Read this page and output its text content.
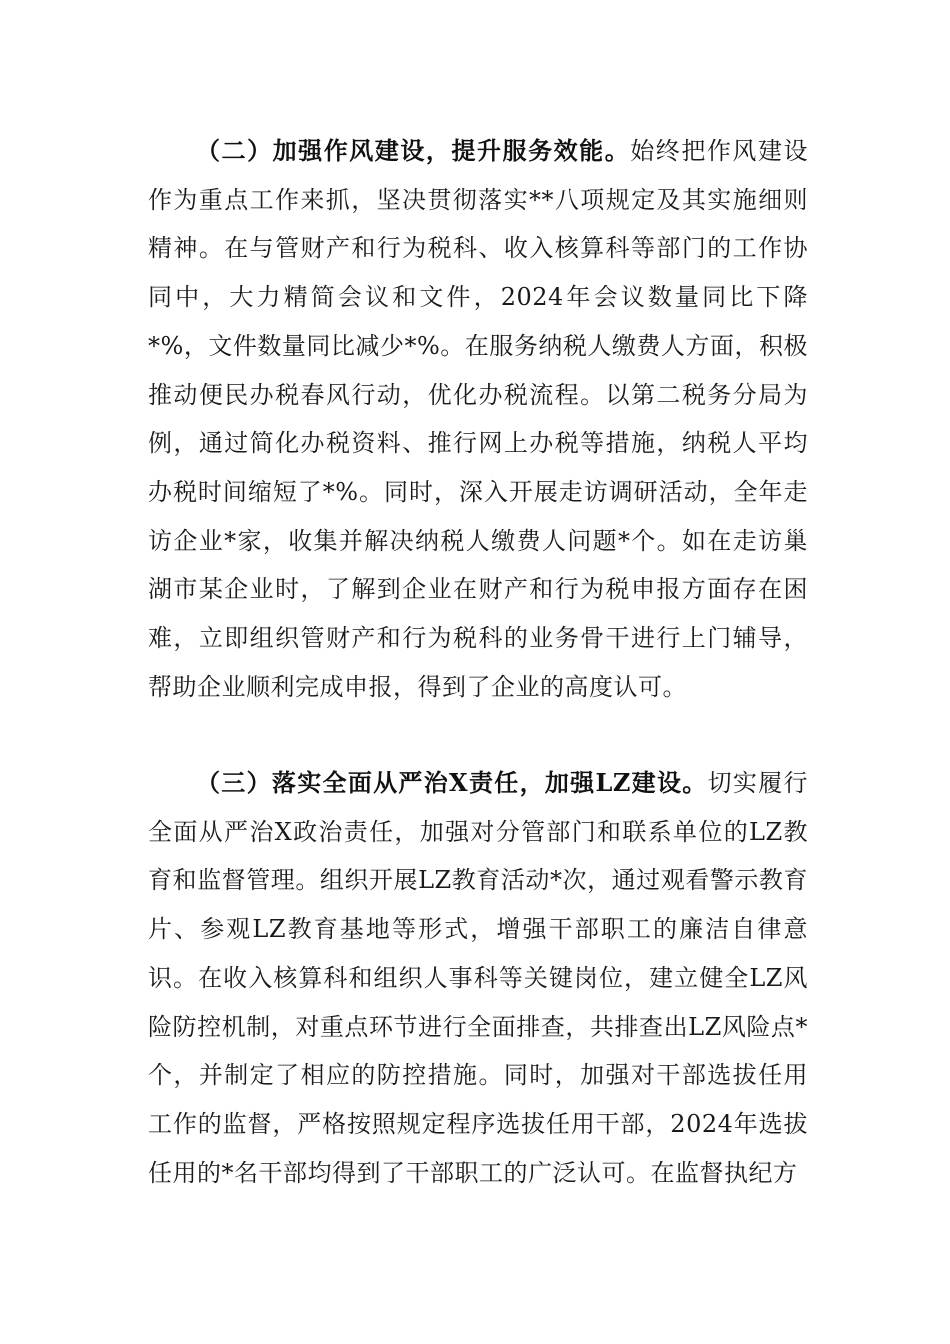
（二）加强作风建设，提升服务效能。始终把作风建设作为重点工作来抓，坚决贯彻落实**八项规定及其实施细则精神。在与管财产和行为税科、收入核算科等部门的工作协同中，大力精简会议和文件，2024年会议数量同比下降*%，文件数量同比减少*%。在服务纳税人缴费人方面，积极推动便民办税春风行动，优化办税流程。以第二税务分局为例，通过简化办税资料、推行网上办税等措施，纳税人平均办税时间缩短了*%。同时，深入开展走访调研活动，全年走访企业*家，收集并解决纳税人缴费人问题*个。如在走访巢湖市某企业时，了解到企业在财产和行为税申报方面存在困难，立即组织管财产和行为税科的业务骨干进行上门辅导，帮助企业顺利完成申报，得到了企业的高度认可。

（三）落实全面从严治X责任，加强LZ建设。切实履行全面从严治X政治责任，加强对分管部门和联系单位的LZ教育和监督管理。组织开展LZ教育活动*次，通过观看警示教育片、参观LZ教育基地等形式，增强干部职工的廉洁自律意识。在收入核算科和组织人事科等关键岗位，建立健全LZ风险防控机制，对重点环节进行全面排查，共排查出LZ风险点*个，并制定了相应的防控措施。同时，加强对干部选拔任用工作的监督，严格按照规定程序选拔任用干部，2024年选拔任用的*名干部均得到了干部职工的广泛认可。在监督执纪方
